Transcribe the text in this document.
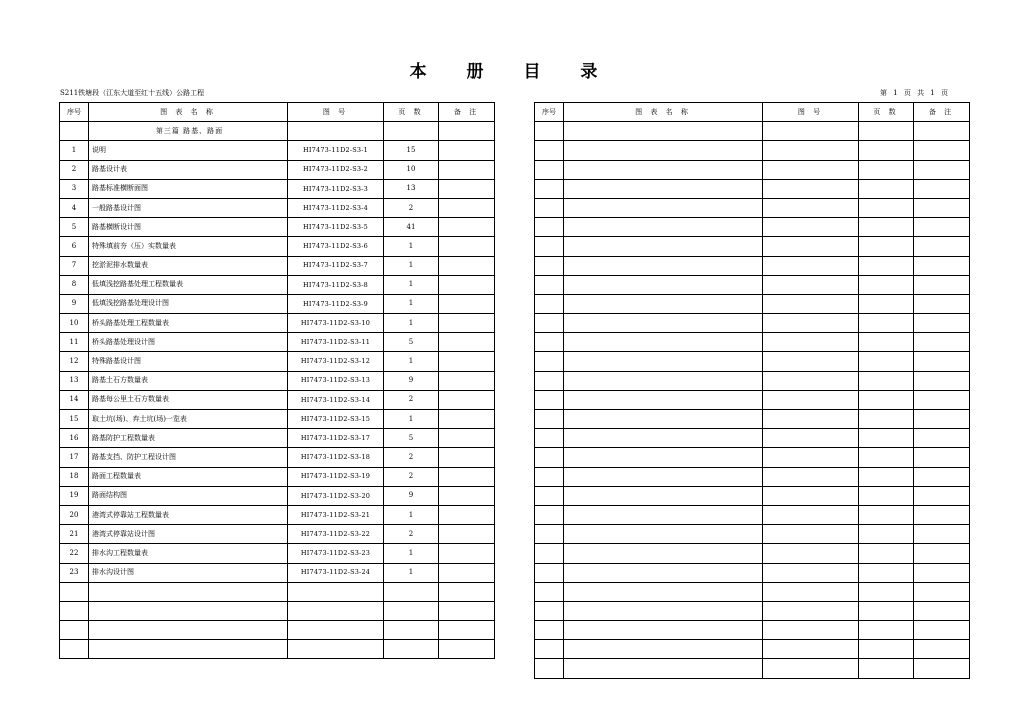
本 册 目 录
S211铁塘段（江东大道至红十五线）公路工程	第 1 页 共 1 页
序号	图 表 名 称	图 号	页 数	备 注
	第三篇 路基、路面			
1	说明	HI7473-11D2-S3-1	15	
2	路基设计表	HI7473-11D2-S3-2	10	
3	路基标准横断面图	HI7473-11D2-S3-3	13	
4	一般路基设计图	HI7473-11D2-S3-4	2	
5	路基横断设计图	HI7473-11D2-S3-5	41	
6	特殊填前夯（压）实数量表	HI7473-11D2-S3-6	1	
7	挖淤泥排水数量表	HI7473-11D2-S3-7	1	
8	低填浅挖路基处理工程数量表	HI7473-11D2-S3-8	1	
9	低填浅挖路基处理设计图	HI7473-11D2-S3-9	1	
10	桥头路基处理工程数量表	HI7473-11D2-S3-10	1	
11	桥头路基处理设计图	HI7473-11D2-S3-11	5	
12	特殊路基设计图	HI7473-11D2-S3-12	1	
13	路基土石方数量表	HI7473-11D2-S3-13	9	
14	路基每公里土石方数量表	HI7473-11D2-S3-14	2	
15	取土坑(场)、弃土坑(场)一览表	HI7473-11D2-S3-15	1	
16	路基防护工程数量表	HI7473-11D2-S3-17	5	
17	路基支挡、防护工程设计图	HI7473-11D2-S3-18	2	
18	路面工程数量表	HI7473-11D2-S3-19	2	
19	路面结构图	HI7473-11D2-S3-20	9	
20	港湾式停靠站工程数量表	HI7473-11D2-S3-21	1	
21	港湾式停靠站设计图	HI7473-11D2-S3-22	2	
22	排水沟工程数量表	HI7473-11D2-S3-23	1	
23	排水沟设计图	HI7473-11D2-S3-24	1	

序号	图 表 名 称	图 号	页 数	备 注
